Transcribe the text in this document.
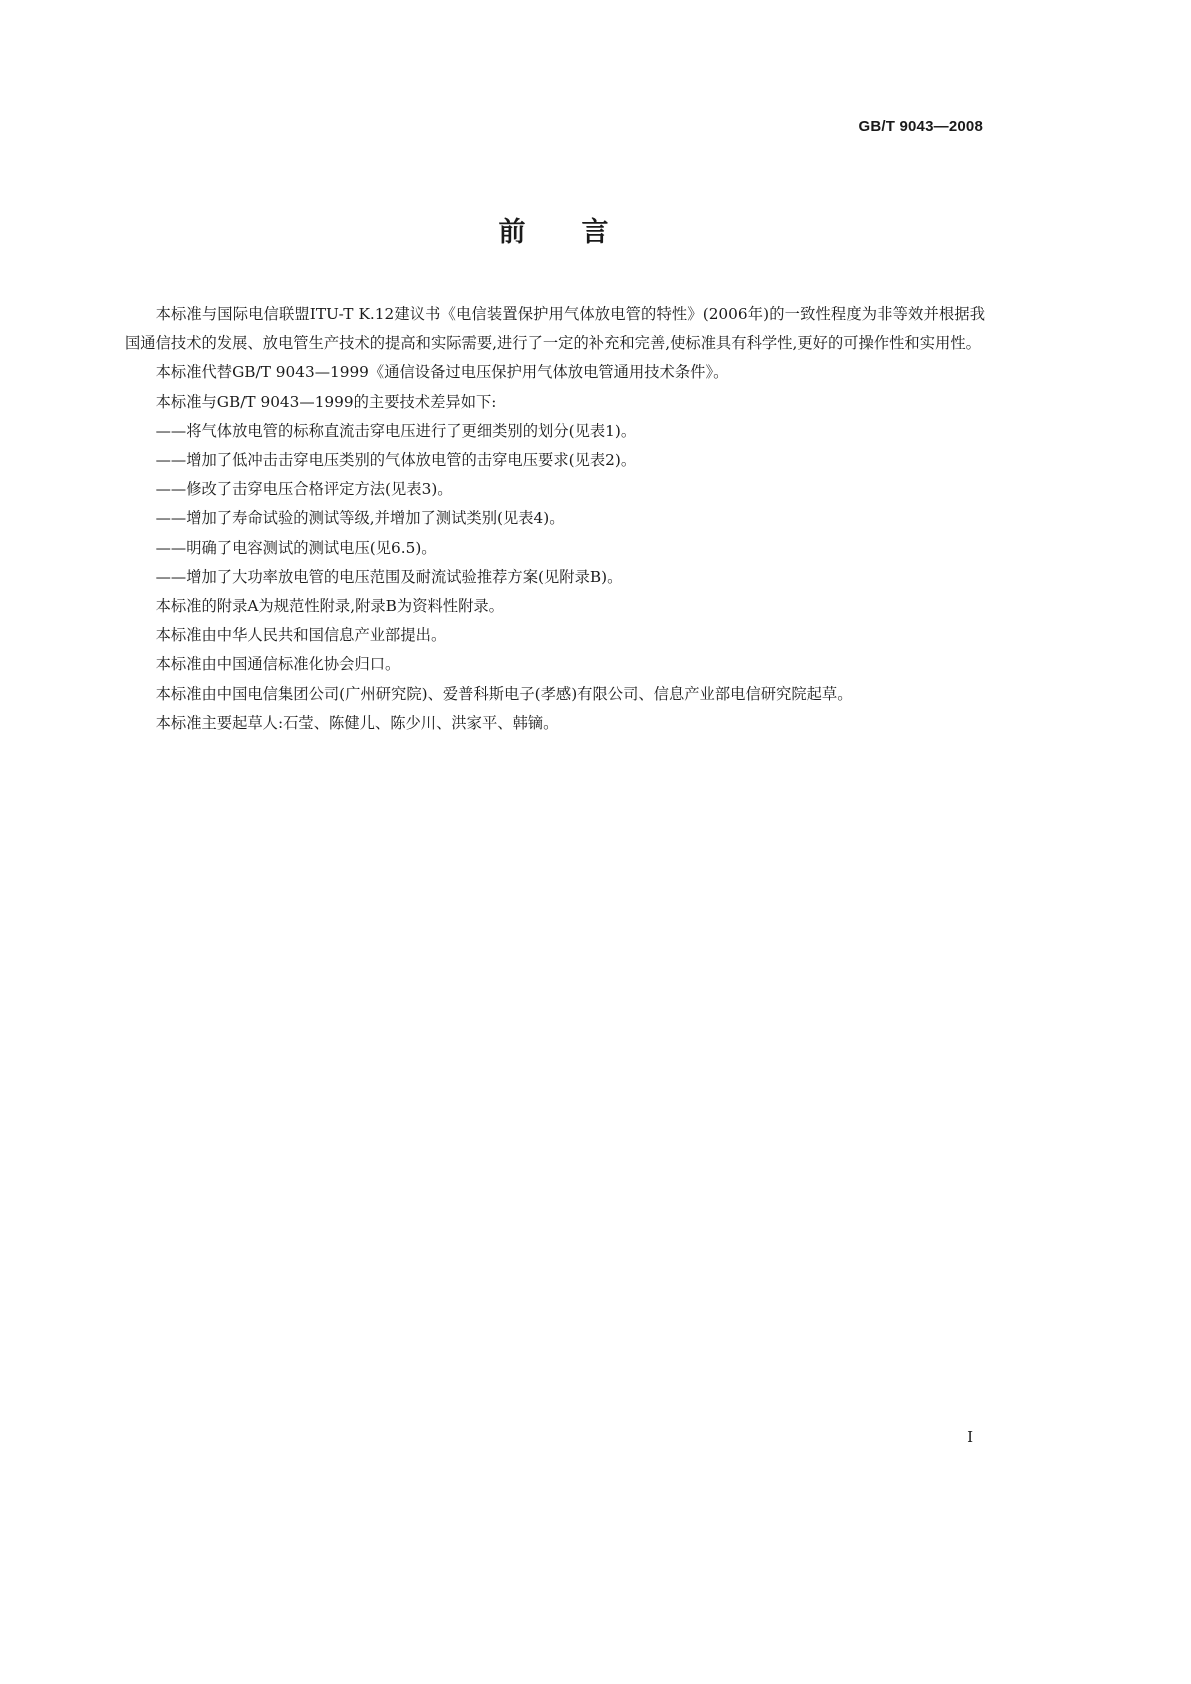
GB/T 9043—2008
前言

本标准与国际电信联盟ITU-T K.12建议书《电信装置保护用气体放电管的特性》(2006年)的一致性程度为非等效并根据我国通信技术的发展、放电管生产技术的提高和实际需要,进行了一定的补充和完善,使标准具有科学性,更好的可操作性和实用性。

本标准代替GB/T 9043—1999《通信设备过电压保护用气体放电管通用技术条件》。

本标准与GB/T 9043—1999的主要技术差异如下:

——将气体放电管的标称直流击穿电压进行了更细类别的划分(见表1)。

——增加了低冲击击穿电压类别的气体放电管的击穿电压要求(见表2)。

——修改了击穿电压合格评定方法(见表3)。

——增加了寿命试验的测试等级,并增加了测试类别(见表4)。

——明确了电容测试的测试电压(见6.5)。

——增加了大功率放电管的电压范围及耐流试验推荐方案(见附录B)。

本标准的附录A为规范性附录,附录B为资料性附录。

本标准由中华人民共和国信息产业部提出。

本标准由中国通信标准化协会归口。

本标准由中国电信集团公司(广州研究院)、爱普科斯电子(孝感)有限公司、信息产业部电信研究院起草。

本标准主要起草人:石莹、陈健儿、陈少川、洪家平、韩镝。

I
